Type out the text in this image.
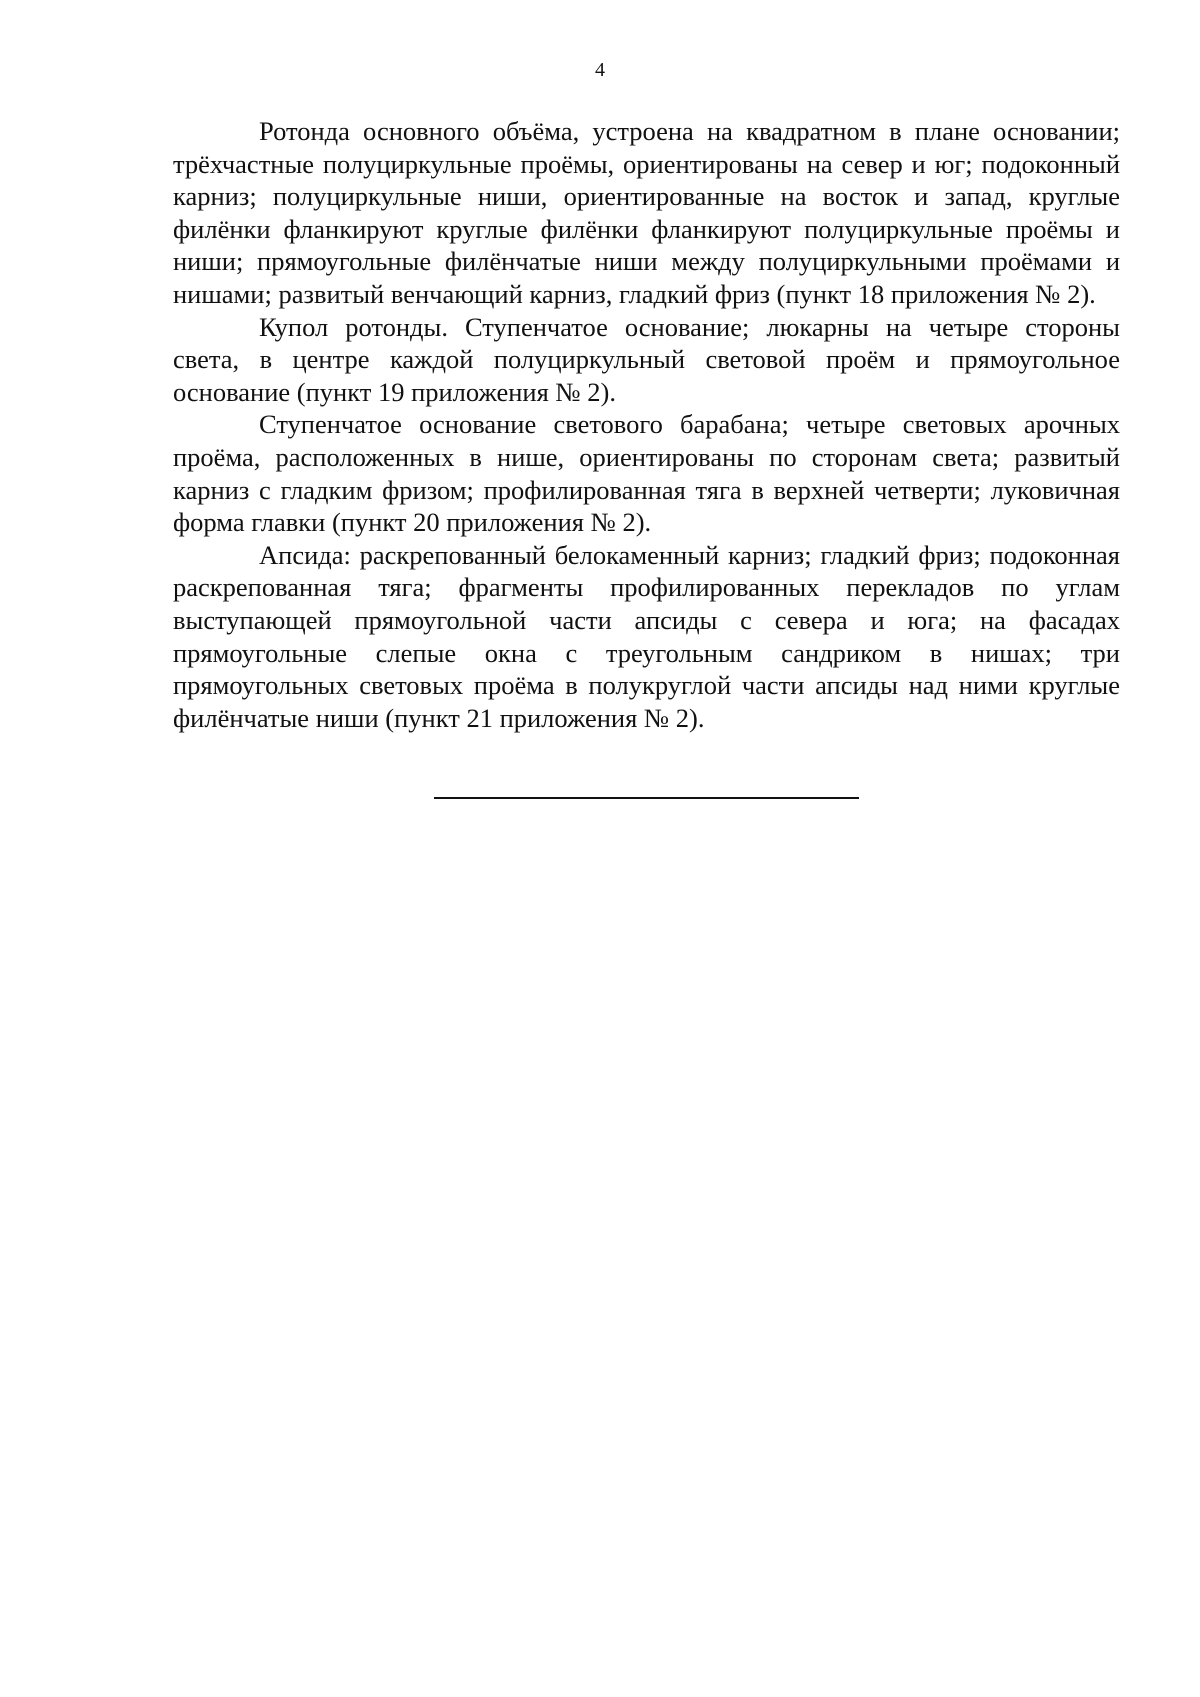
4

Ротонда основного объёма, устроена на квадратном в плане основании; трёхчастные полуциркульные проёмы, ориентированы на север и юг; подоконный карниз; полуциркульные ниши, ориентированные на восток и запад, круглые филёнки фланкируют круглые филёнки фланкируют полуциркульные проёмы и ниши; прямоугольные филёнчатые ниши между полуциркульными проёмами и нишами; развитый венчающий карниз, гладкий фриз (пункт 18 приложения № 2).

Купол ротонды. Ступенчатое основание; люкарны на четыре стороны света, в центре каждой полуциркульный световой проём и прямоугольное основание (пункт 19 приложения № 2).

Ступенчатое основание светового барабана; четыре световых арочных проёма, расположенных в нише, ориентированы по сторонам света; развитый карниз с гладким фризом; профилированная тяга в верхней четверти; луковичная форма главки (пункт 20 приложения № 2).

Апсида: раскрепованный белокаменный карниз; гладкий фриз; подоконная раскрепованная тяга; фрагменты профилированных перекладов по углам выступающей прямоугольной части апсиды с севера и юга; на фасадах прямоугольные слепые окна с треугольным сандриком в нишах; три прямоугольных световых проёма в полукруглой части апсиды над ними круглые филёнчатые ниши (пункт 21 приложения № 2).
